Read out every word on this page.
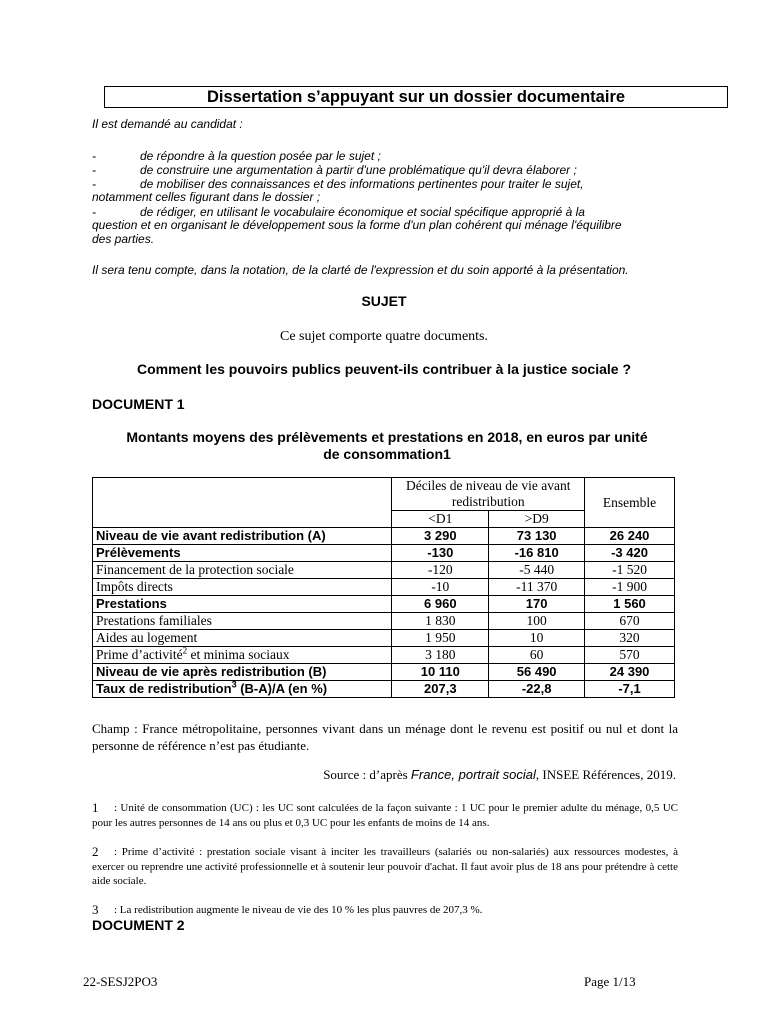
Dissertation s’appuyant sur un dossier documentaire
Il est demandé au candidat :
-	de répondre à la question posée par le sujet ;
-	de construire une argumentation à partir d'une problématique qu'il devra élaborer ;
-	de mobiliser des connaissances et des informations pertinentes pour traiter le sujet,
notamment celles figurant dans le dossier ;
-	de rédiger, en utilisant le vocabulaire économique et social spécifique approprié à la
question et en organisant le développement sous la forme d'un plan cohérent qui ménage l'équilibre
des parties.
Il sera tenu compte, dans la notation, de la clarté de l'expression et du soin apporté à la présentation.
SUJET
Ce sujet comporte quatre documents.
Comment les pouvoirs publics peuvent-ils contribuer à la justice sociale ?
DOCUMENT 1
Montants moyens des prélèvements et prestations en 2018, en euros par unité
de consommation1

	Déciles de niveau de vie avant
redistribution		Ensemble
	<D1	>D9	
Niveau de vie avant redistribution (A)	3 290	73 130	26 240
Prélèvements	-130	-16 810	-3 420
Financement de la protection sociale	-120	-5 440	-1 520
Impôts directs	-10	-11 370	-1 900
Prestations	6 960	170	1 560
Prestations familiales	1 830	100	670
Aides au logement	1 950	10	320
Prime d’activité$^2$ et minima sociaux	3 180	60	570
Niveau de vie après redistribution (B)	10 110	56 490	24 390
Taux de redistribution$^3$ (B-A)/A (en %)	207,3	-22,8	-7,1
Champ : France métropolitaine, personnes vivant dans un ménage dont le revenu est positif ou nul et dont la personne de référence n’est pas étudiante.
Source : d’après France, portrait social, INSEE Références, 2019.
1	: Unité de consommation (UC) : les UC sont calculées de la façon suivante : 1 UC pour le premier adulte du ménage, 0,5 UC pour les autres personnes de 14 ans ou plus et 0,3 UC pour les enfants de moins de 14 ans.
2	: Prime d’activité : prestation sociale visant à inciter les travailleurs (salariés ou non-salariés) aux ressources modestes, à exercer ou reprendre une activité professionnelle et à soutenir leur pouvoir d'achat. Il faut avoir plus de 18 ans pour prétendre à cette aide sociale.
3	: La redistribution augmente le niveau de vie des 10 % les plus pauvres de 207,3 %.
DOCUMENT 2
22-SESJ2PO3	Page 1/13
